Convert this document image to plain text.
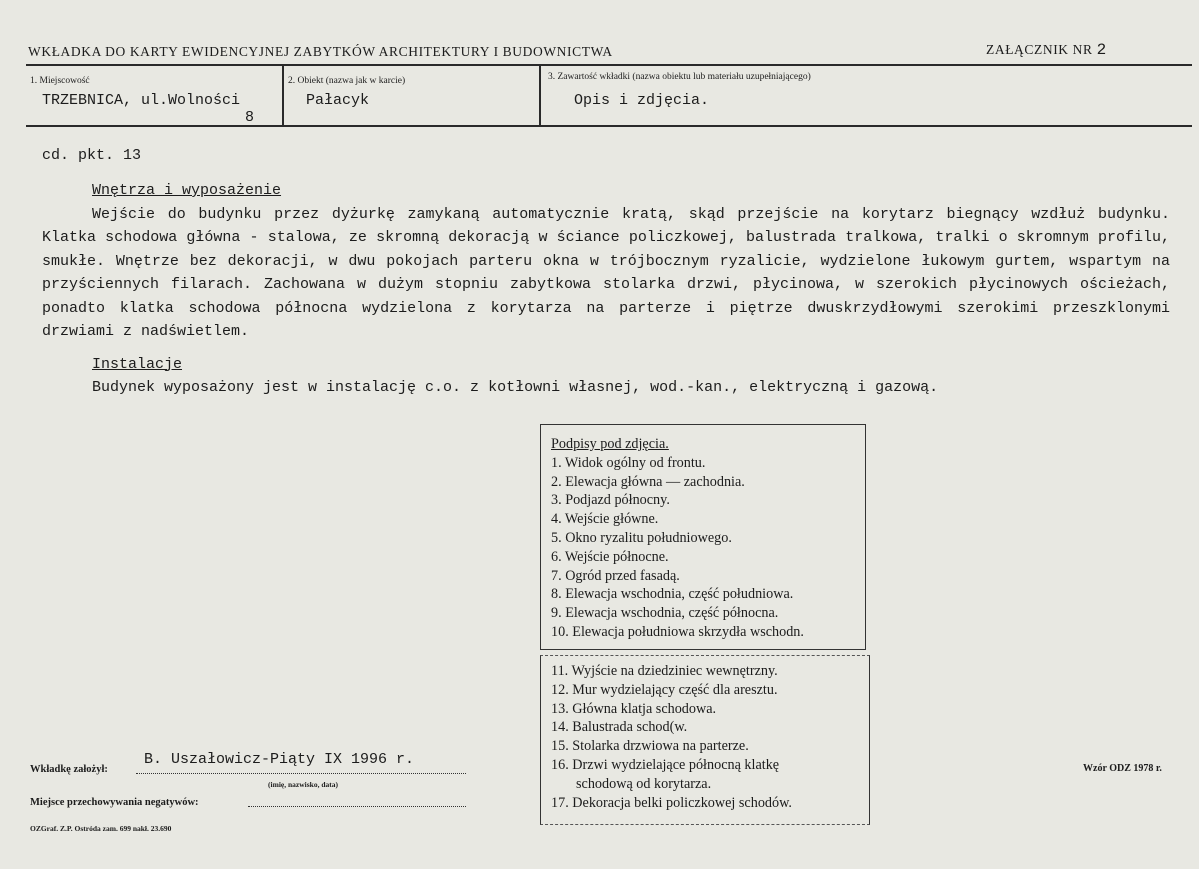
WKŁADKA DO KARTY EWIDENCYJNEJ ZABYTKÓW ARCHITEKTURY I BUDOWNICTWA	ZAŁĄCZNIK NR 2
1. Miejscowość
TRZEBNICA, ul.Wolności
8
2. Obiekt (nazwa jak w karcie)
Pałacyk
3. Zawartość wkładki (nazwa obiektu lub materiału uzupełniającego)
Opis i zdjęcia.
cd. pkt. 13

Wnętrza i wyposażenie

Wejście do budynku przez dyżurkę zamykaną automatycznie kratą, skąd przejście na korytarz biegnący wzdłuż budynku. Klatka schodowa główna - stalowa, ze skromną dekoracją w ściance policzkowej, balustrada tralkowa, tralki o skromnym profilu, smukłe. Wnętrze bez dekoracji, w dwu pokojach parteru okna w trójbocznym ryzalicie, wydzielone łukowym gurtem, wspartym na przyściennych filarach. Zachowana w dużym stopniu zabytkowa stolarka drzwi, płycinowa, w szerokich płycinowych ościeżach, ponadto klatka schodowa północna wydzielona z korytarza na parterze i piętrze dwuskrzydłowymi szerokimi przeszklonymi drzwiami z nadświetlem.

Instalacje

Budynek wyposażony jest w instalację c.o. z kotłowni własnej, wod.-kan., elektryczną i gazową.

Podpisy pod zdjęcia.
1. Widok ogólny od frontu.
2. Elewacja główna — zachodnia.
3. Podjazd północny.
4. Wejście główne.
5. Okno ryzalitu południowego.
6. Wejście północne.
7. Ogród przed fasadą.
8. Elewacja wschodnia, część południowa.
9. Elewacja wschodnia, część północna.
10. Elewacja południowa skrzydła wschodn.
11. Wyjście na dziedziniec wewnętrzny.
12. Mur wydzielający część dla aresztu.
13. Główna klatja schodowa.
14. Balustrada schod(w.
15. Stolarka drzwiowa na parterze.
16. Drzwi wydzielające północną klatkę
schodową od korytarza.
17. Dekoracja belki policzkowej schodów.
Wkładkę założył:
B. Uszałowicz-Piąty IX 1996 r.
(imię, nazwisko, data)
Miejsce przechowywania negatywów:
OZGraf. Z.P. Ostróda zam. 699 nakł. 23.690
Wzór ODZ 1978 r.
